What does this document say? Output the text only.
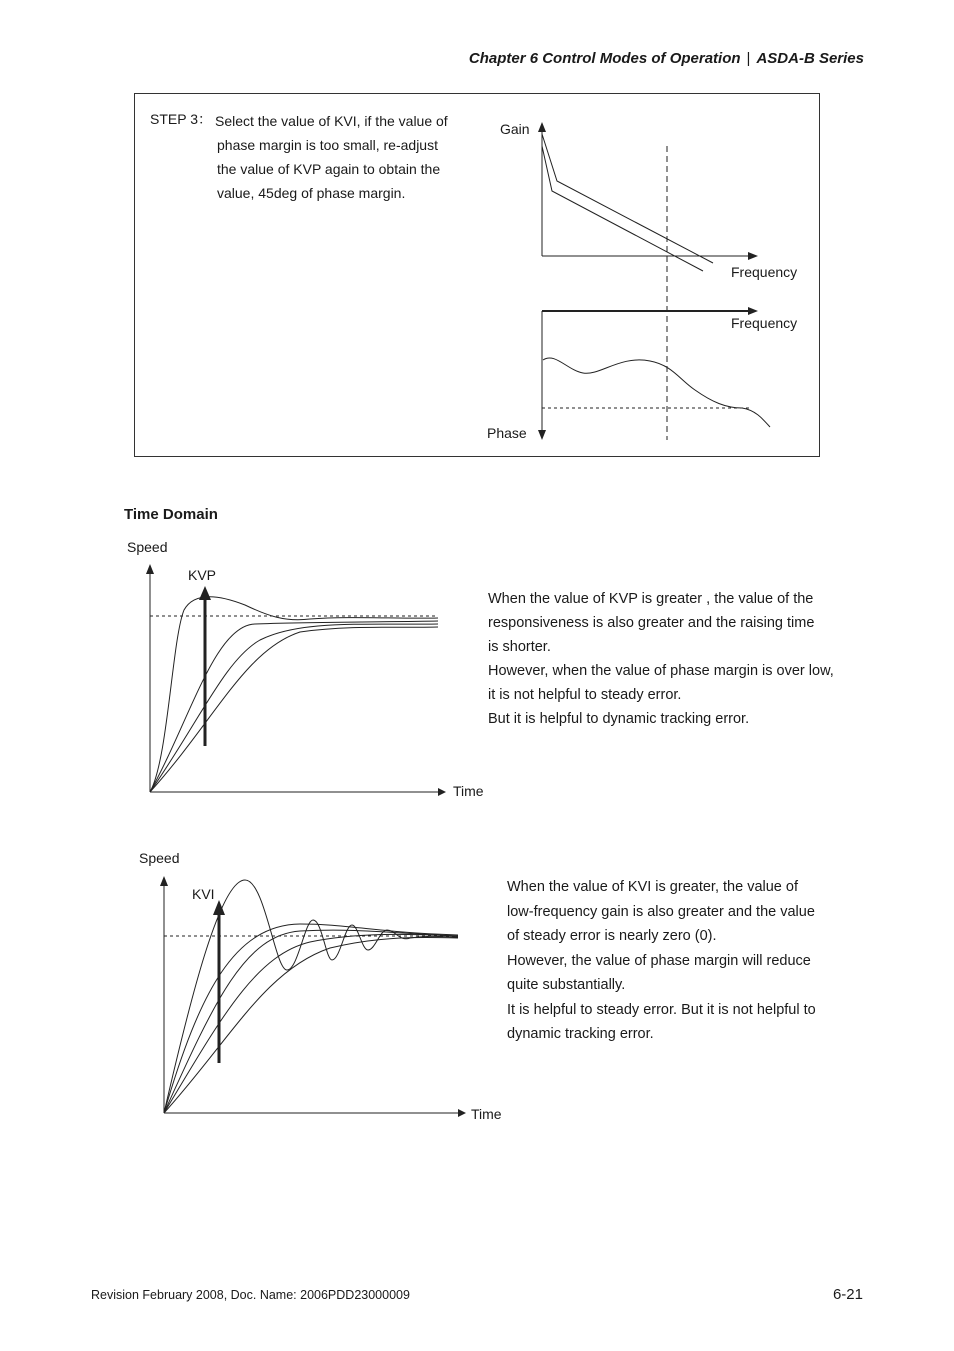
Chapter 6 Control Modes of Operation | ASDA-B Series
STEP 3： Select the value of KVI, if the value of
phase margin is too small, re-adjust
the value of KVP again to obtain the
value, 45deg of phase margin.
Gain
Frequency
Frequency
Phase
Time Domain
Speed
KVP
Time

When the value of KVP is greater , the value of the

responsiveness is also greater and the raising time

is shorter.

However, when the value of phase margin is over low,

it is not helpful to steady error.

But it is helpful to dynamic tracking error.

Speed
KVI
Time

When the value of KVI is greater, the value of

low-frequency gain is also greater and the value

of steady error is nearly zero (0).

However, the value of phase margin will reduce

quite substantially.

It is helpful to steady error. But it is not helpful to

dynamic tracking error.

Revision February 2008, Doc. Name: 2006PDD23000009	6-21
